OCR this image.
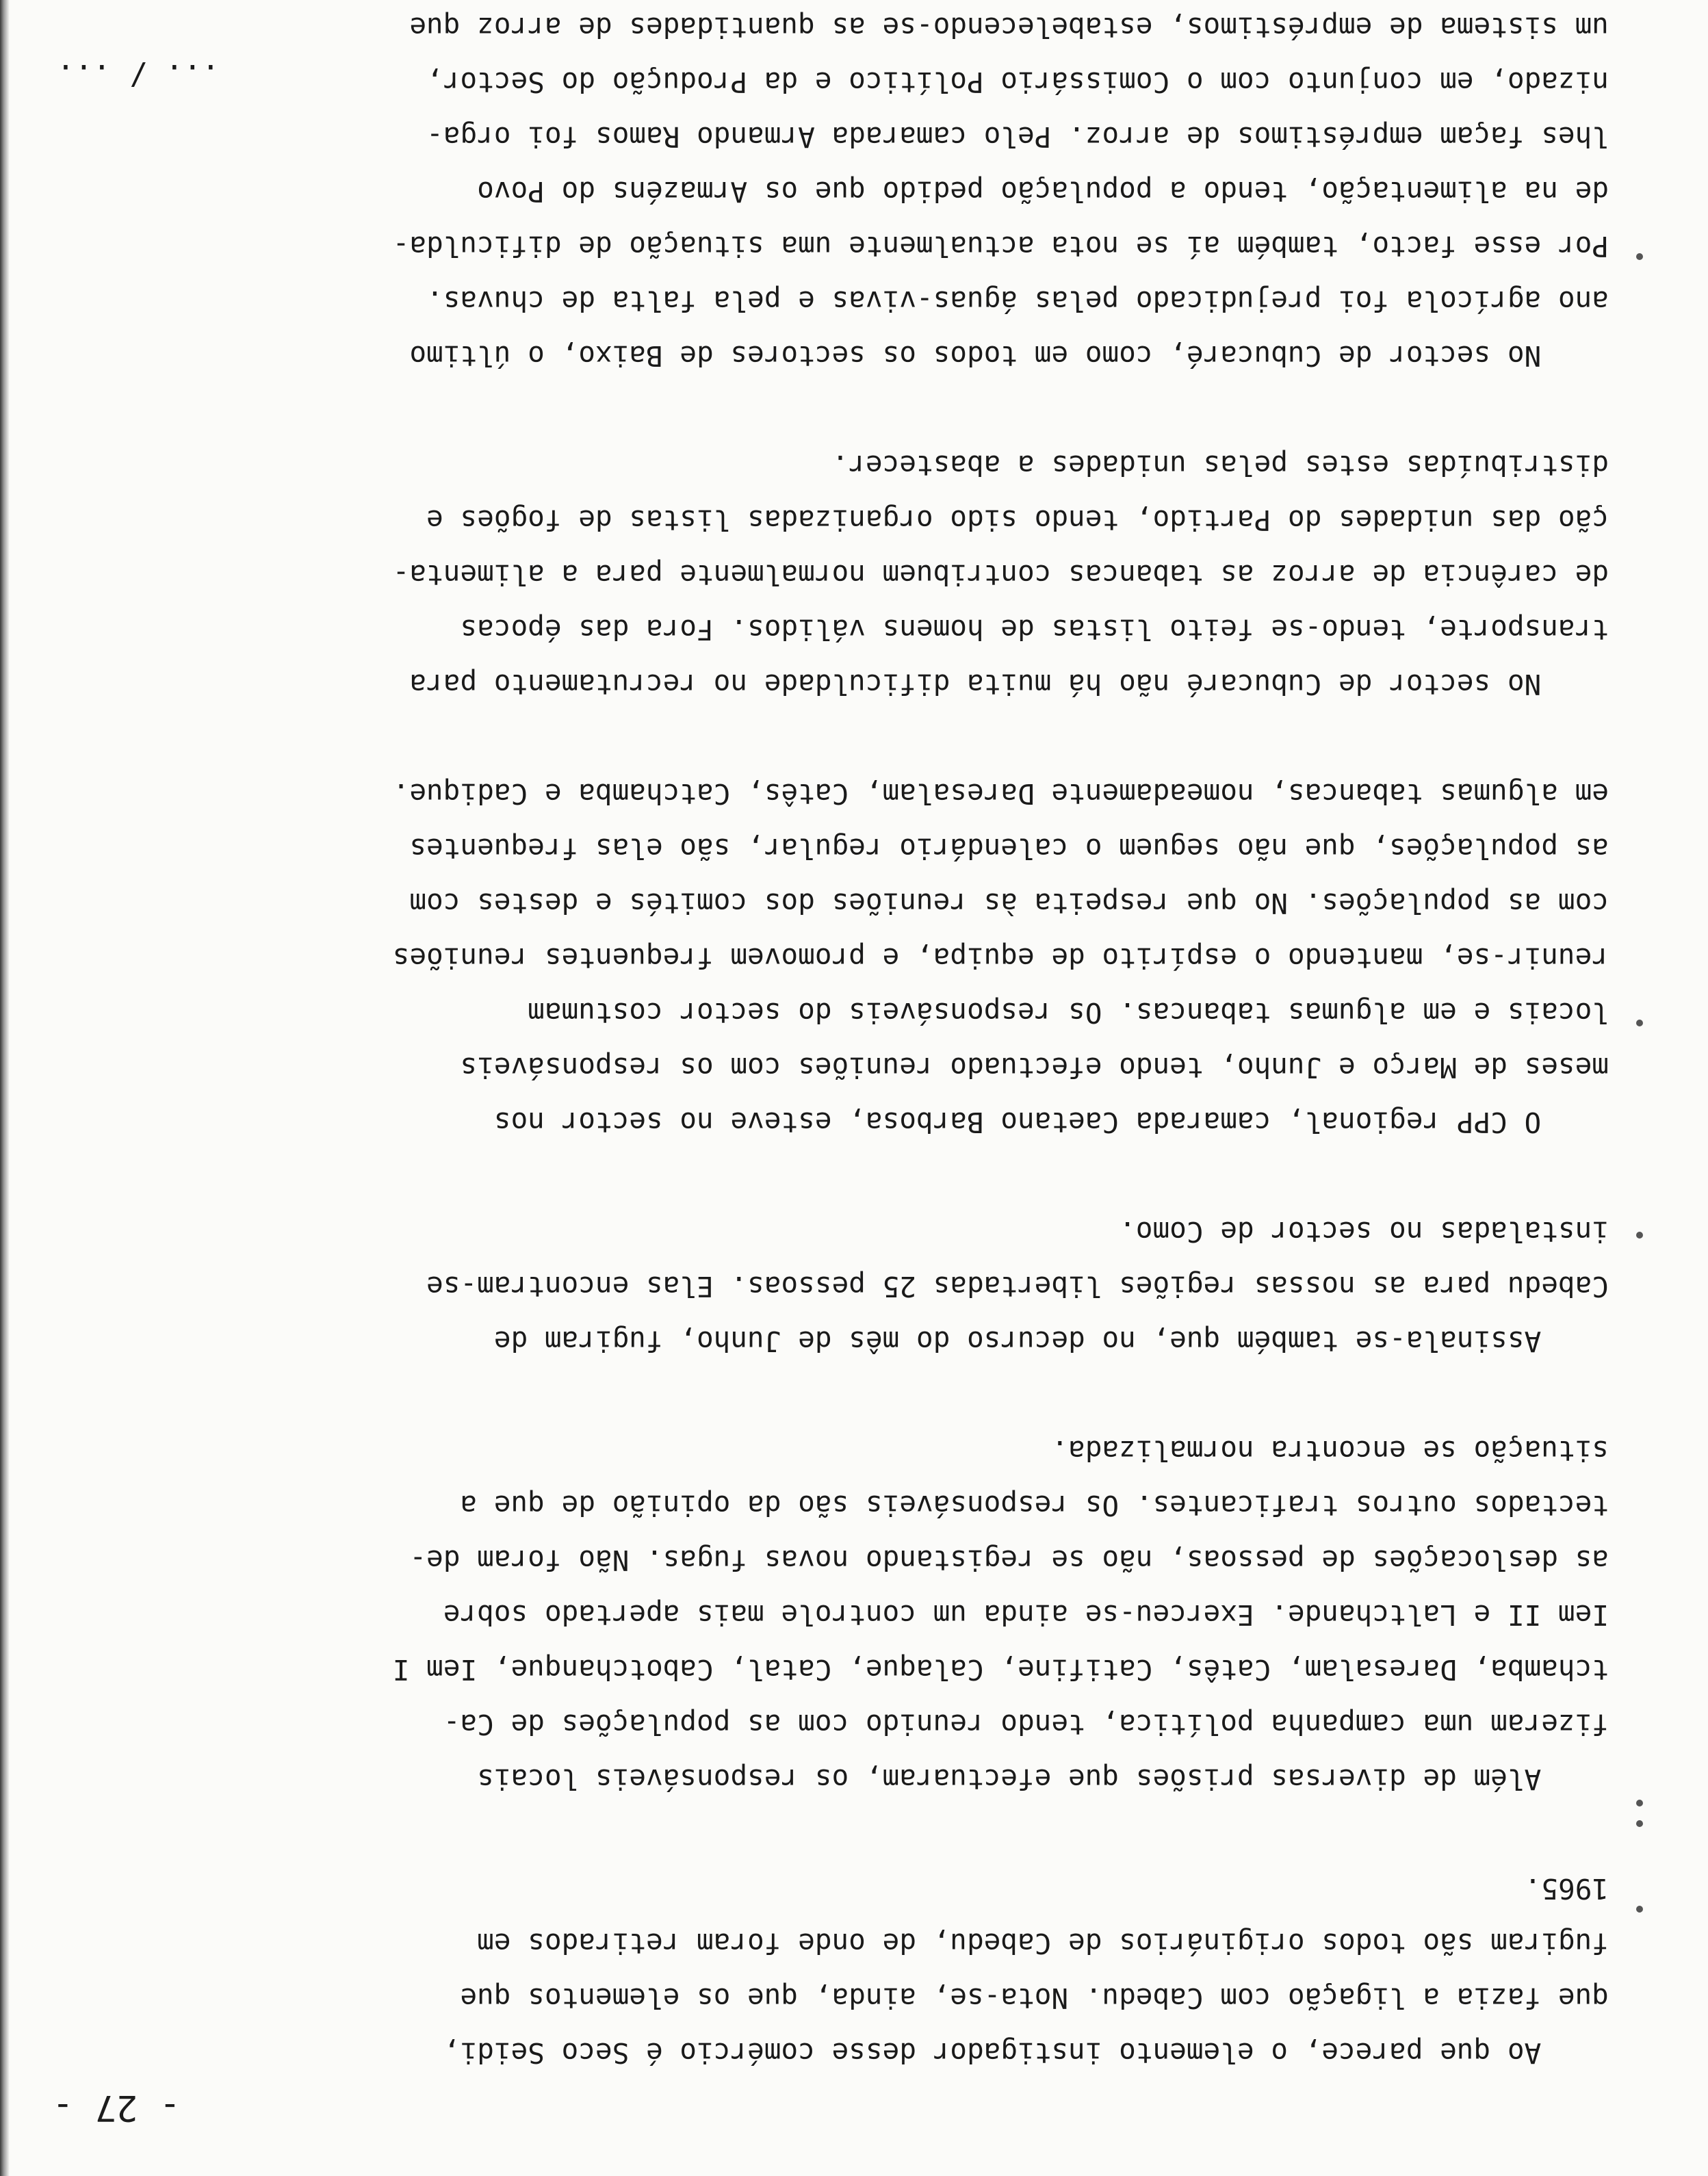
- 27 -
Ao que parece, o elemento instigador desse comércio é Seco Seidi,
que fazia a ligação com Cabedu. Nota-se, ainda, que os elementos que
fugiram são todos originários de Cabedu, de onde foram retirados em
1965.
Além de diversas prisões que efectuaram, os responsáveis locais
fizeram uma campanha política, tendo reunido com as populações de Ca-
tchamba, Daresalam, Catês, Catifine, Calaque, Catal, Cabotchanque, Iem I
Iem II e Laltchande. Exerceu-se ainda um controle mais apertado sobre
as deslocações de pessoas, não se registando novas fugas. Não foram de-
tectados outros traficantes. Os responsáveis são da opinião de que a
situação se encontra normalizada.
Assinala-se também que, no decurso do mês de Junho, fugiram de
Cabedu para as nossas regiões libertadas 25 pessoas. Elas encontram-se
instaladas no sector de Como.
O CPP regional, camarada Caetano Barbosa, esteve no sector nos
meses de Março e Junho, tendo efectuado reuniões com os responsáveis
locais e em algumas tabancas. Os responsáveis do sector costumam
reunir-se, mantendo o espírito de equipa, e promovem frequentes reuniões
com as populações. No que respeita às reuniões dos comités e destes com
as populações, que não seguem o calendário regular, são elas frequentes
em algumas tabancas, nomeadamente Daresalam, Catês, Catchamba e Cadique.
No sector de Cubucaré não há muita dificuldade no recrutamento para
transporte, tendo-se feito listas de homens válidos. Fora das épocas
de carência de arroz as tabancas contribuem normalmente para a alimenta-
ção das unidades do Partido, tendo sido organizadas listas de fogões e
distribuídas estes pelas unidades a abastecer.
No sector de Cubucaré, como em todos os sectores de Baixo, o último
ano agrícola foi prejudicado pelas águas-vivas e pela falta de chuvas.
Por esse facto, também aí se nota actualmente uma situação de dificulda-
de na alimentação, tendo a população pedido que os Armazéns do Povo
lhes façam empréstimos de arroz. Pelo camarada Armando Ramos foi orga-
nizado, em conjunto com o Comissário Político e da Produção do Sector,
um sistema de empréstimos, estabelecendo-se as quantidades de arroz que
... / ...
